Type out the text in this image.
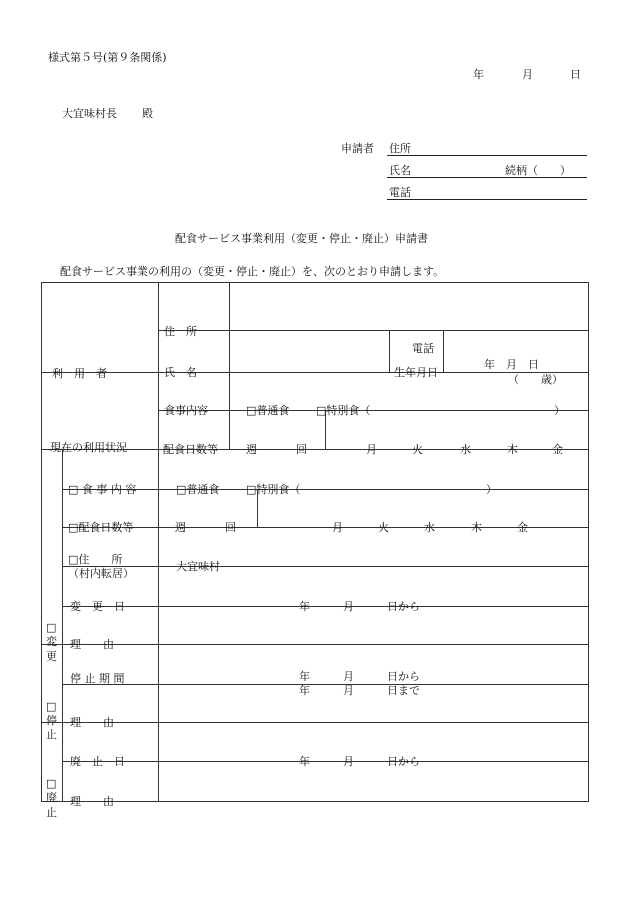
様式第５号(第９条関係)
年	月	日
大宜味村長 殿
申請者 住所
氏名	続柄（　　）
電話
配食サービス事業利用（変更・停止・廃止）申請書
配食サービス事業の利用の（変更・停止・廃止）を、次のとおり申請します。
利　用　者		住　所	電話				

		氏　名				生年月日	年　月　日
（　　歳）

現在の利用状況		食事内容	□普通食 □特別食（ ）				

		配食日数等	週 回		月 火 水 木 金		

□
変
更	□ 食 事 内 容	□普通食 □特別食（ ）					

	□配食日数等	週 回		月 火 水 木 金			

	□住　　所
（村内転居）	大宜味村					

	変　更　日	年　　　月　　　日から					

	理　　由						

□
停
止	停 止 期 間	年　　　月　　　日から
年　　　月　　　日まで					

	理　　由						

□
廃
止	廃　止　日	年　　　月　　　日から					

	理　　由						
